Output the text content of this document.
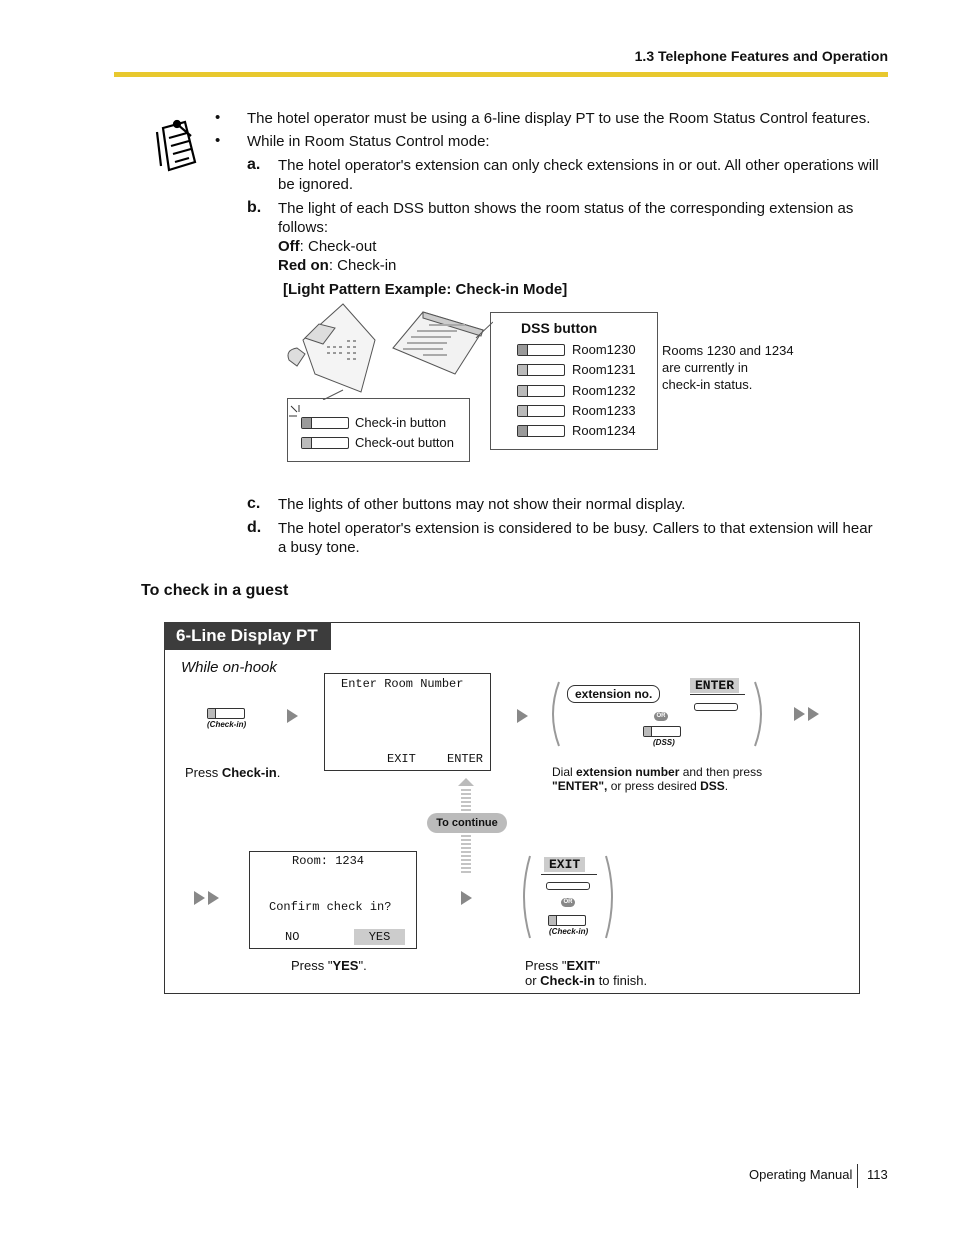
1.3 Telephone Features and Operation
• The hotel operator must be using a 6-line display PT to use the Room Status Control features.
• While in Room Status Control mode:
a. The hotel operator's extension can only check extensions in or out. All other operations will be ignored.
b. The light of each DSS button shows the room status of the corresponding extension as follows:
Off: Check-out
Red on: Check-in
[Light Pattern Example: Check-in Mode]
DSS button
Room1230
Room1231
Room1232
Room1233
Room1234
Rooms 1230 and 1234
are currently in
check-in status.
Check-in button
Check-out button
c. The lights of other buttons may not show their normal display.
d. The hotel operator's extension is considered to be busy. Callers to that extension will hear a busy tone.
To check in a guest
6-Line Display PT
While on-hook
(Check-in)
Press Check-in.
Enter Room Number
EXIT	ENTER
extension no.
OR
(DSS)
ENTER
Dial extension number and then press
"ENTER", or press desired DSS.
To continue
Room: 1234
Confirm check in?
NO	YES
Press "YES".
EXIT
OR
(Check-in)
Press "EXIT"
or Check-in to finish.
Operating Manual 113
